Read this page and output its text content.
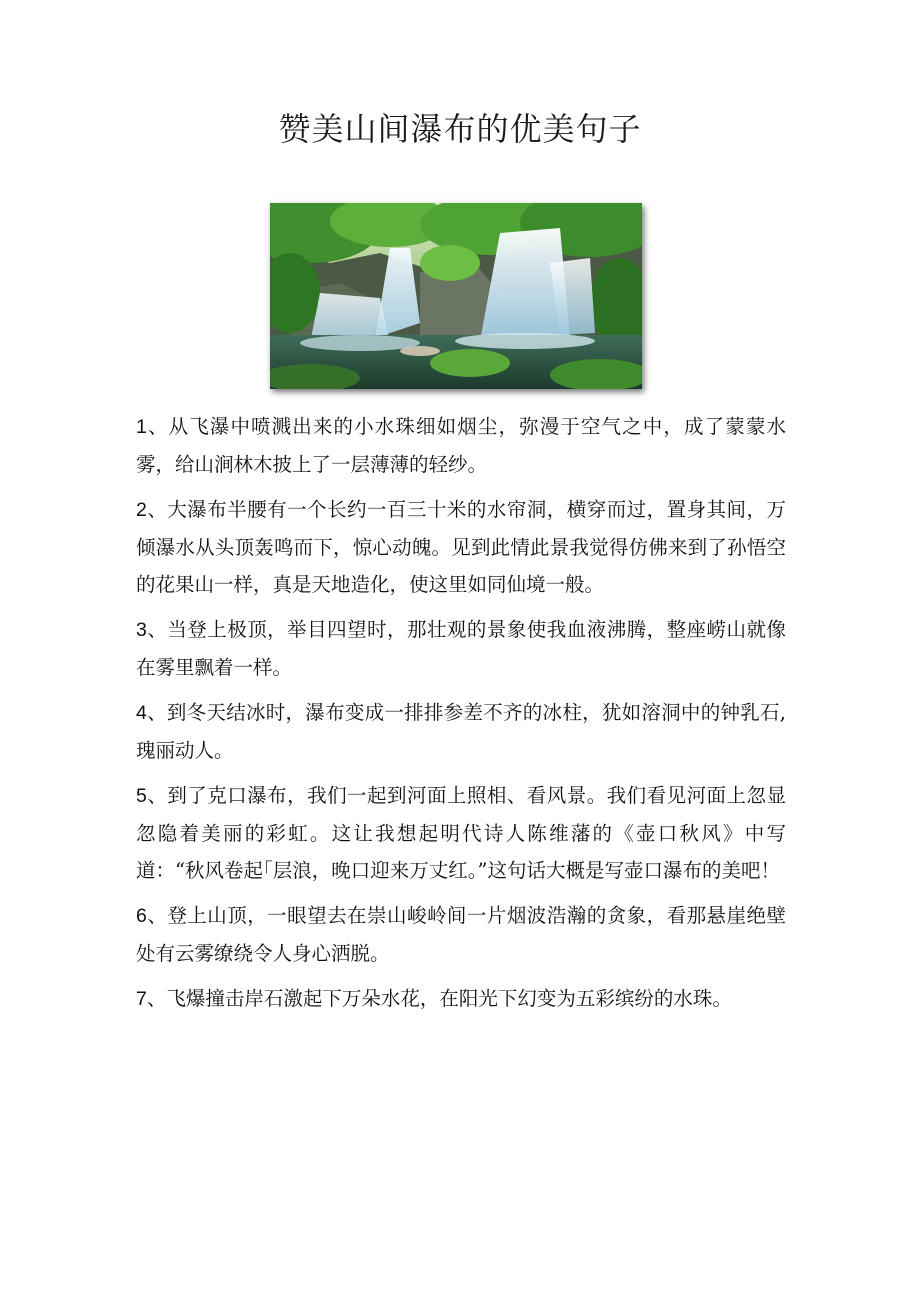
赞美山间瀑布的优美句子

1、从飞瀑中喷溅出来的小水珠细如烟尘，弥漫于空气之中，成了蒙蒙水雾，给山涧林木披上了一层薄薄的轻纱。

2、大瀑布半腰有一个长约一百三十米的水帘洞，横穿而过，置身其间，万倾瀑水从头顶轰鸣而下，惊心动魄。见到此情此景我觉得仿佛来到了孙悟空的花果山一样，真是天地造化，使这里如同仙境一般。

3、当登上极顶，举目四望时，那壮观的景象使我血液沸腾，整座崂山就像在雾里飘着一样。

4、到冬天结冰时，瀑布变成一排排参差不齐的冰柱，犹如溶洞中的钟乳石,瑰丽动人。

5、到了克口瀑布，我们一起到河面上照相、看风景。我们看见河面上忽显忽隐着美丽的彩虹。这让我想起明代诗人陈维藩的《壶口秋风》中写道：“秋风卷起｢层浪，晚口迎来万丈红。”这句话大概是写壶口瀑布的美吧！

6、登上山顶，一眼望去在崇山峻岭间一片烟波浩瀚的贪象，看那悬崖绝壁处有云雾缭绕令人身心洒脱。

7、飞爆撞击岸石激起下万朵水花，在阳光下幻变为五彩缤纷的水珠。
